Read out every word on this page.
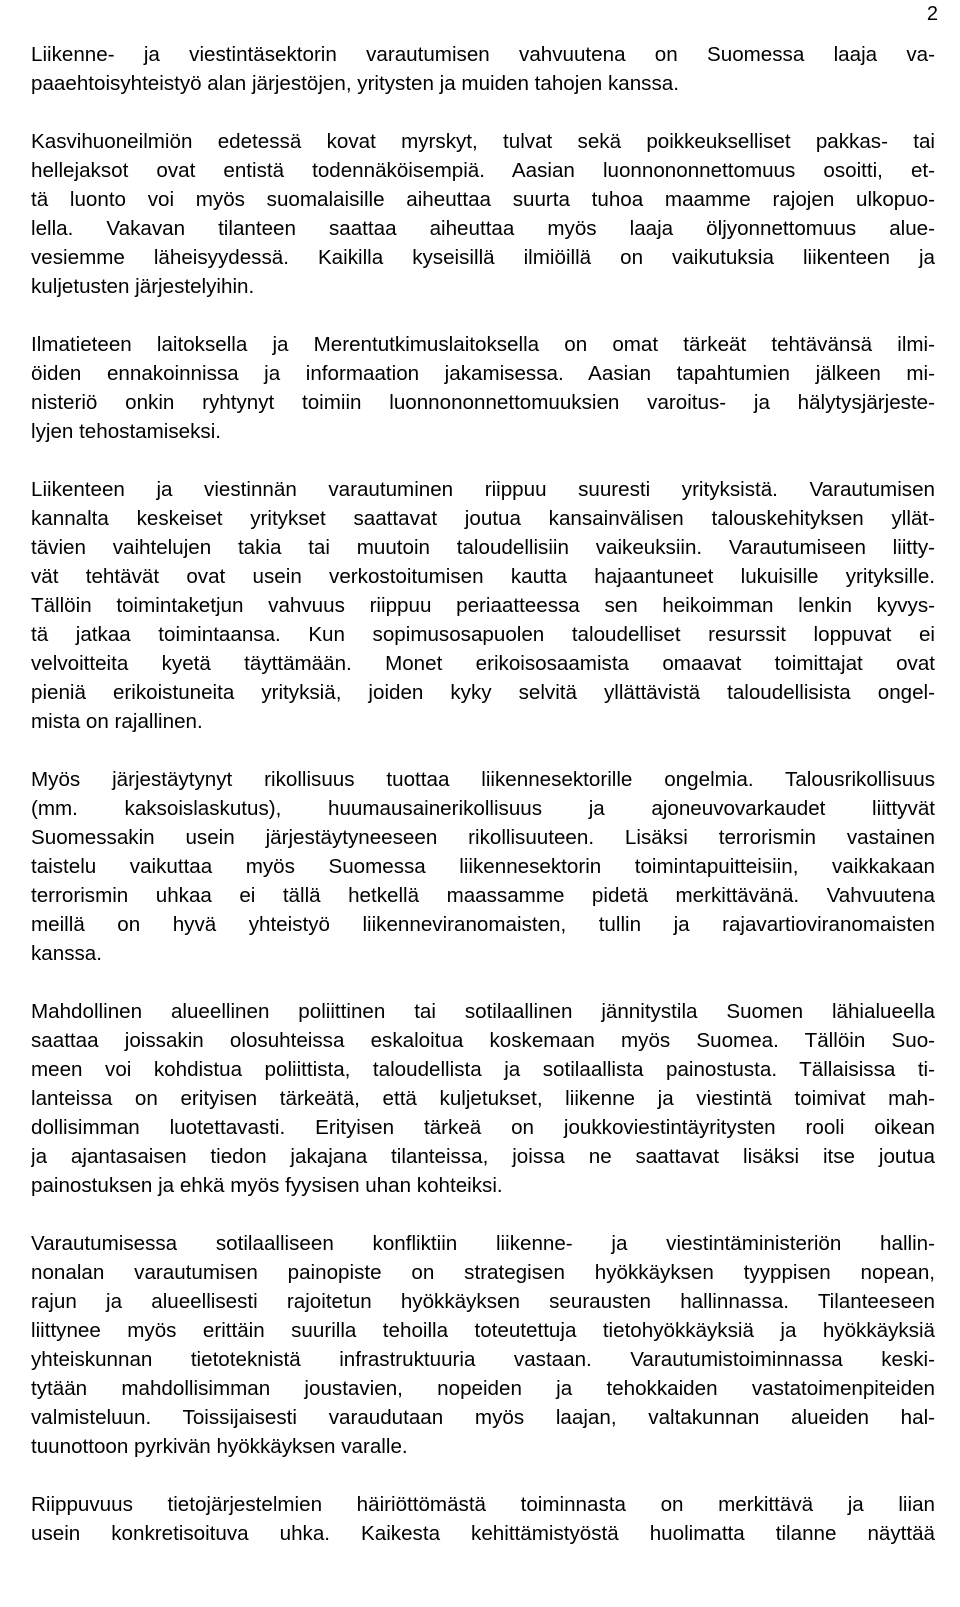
2
Liikenne- ja viestintäsektorin varautumisen vahvuutena on Suomessa laaja va-
paaehtoisyhteistyö alan järjestöjen, yritysten ja muiden tahojen kanssa.
Kasvihuoneilmiön edetessä kovat myrskyt, tulvat sekä poikkeukselliset pakkas- tai
hellejaksot ovat entistä todennäköisempiä. Aasian luonnononnettomuus osoitti, et-
tä luonto voi myös suomalaisille aiheuttaa suurta tuhoa maamme rajojen ulkopuo-
lella. Vakavan tilanteen saattaa aiheuttaa myös laaja öljyonnettomuus alue-
vesiemme läheisyydessä. Kaikilla kyseisillä ilmiöillä on vaikutuksia liikenteen ja
kuljetusten järjestelyihin.
Ilmatieteen laitoksella ja Merentutkimuslaitoksella on omat tärkeät tehtävänsä ilmi-
öiden ennakoinnissa ja informaation jakamisessa. Aasian tapahtumien jälkeen mi-
nisteriö onkin ryhtynyt toimiin luonnononnettomuuksien varoitus- ja hälytysjärjeste-
lyjen tehostamiseksi.
Liikenteen ja viestinnän varautuminen riippuu suuresti yrityksistä. Varautumisen
kannalta keskeiset yritykset saattavat joutua kansainvälisen talouskehityksen yllät-
tävien vaihtelujen takia tai muutoin taloudellisiin vaikeuksiin. Varautumiseen liitty-
vät tehtävät ovat usein verkostoitumisen kautta hajaantuneet lukuisille yrityksille.
Tällöin toimintaketjun vahvuus riippuu periaatteessa sen heikoimman lenkin kyvys-
tä jatkaa toimintaansa. Kun sopimusosapuolen taloudelliset resurssit loppuvat ei
velvoitteita kyetä täyttämään. Monet erikoisosaamista omaavat toimittajat ovat
pieniä erikoistuneita yrityksiä, joiden kyky selvitä yllättävistä taloudellisista ongel-
mista on rajallinen.
Myös järjestäytynyt rikollisuus tuottaa liikennesektorille ongelmia. Talousrikollisuus
(mm. kaksoislaskutus), huumausainerikollisuus ja ajoneuvovarkaudet liittyvät
Suomessakin usein järjestäytyneeseen rikollisuuteen. Lisäksi terrorismin vastainen
taistelu vaikuttaa myös Suomessa liikennesektorin toimintapuitteisiin, vaikkakaan
terrorismin uhkaa ei tällä hetkellä maassamme pidetä merkittävänä. Vahvuutena
meillä on hyvä yhteistyö liikenneviranomaisten, tullin ja rajavartioviranomaisten
kanssa.
Mahdollinen alueellinen poliittinen tai sotilaallinen jännitystila Suomen lähialueella
saattaa joissakin olosuhteissa eskaloitua koskemaan myös Suomea. Tällöin Suo-
meen voi kohdistua poliittista, taloudellista ja sotilaallista painostusta. Tällaisissa ti-
lanteissa on erityisen tärkeätä, että kuljetukset, liikenne ja viestintä toimivat mah-
dollisimman luotettavasti. Erityisen tärkeä on joukkoviestintäyritysten rooli oikean
ja ajantasaisen tiedon jakajana tilanteissa, joissa ne saattavat lisäksi itse joutua
painostuksen ja ehkä myös fyysisen uhan kohteiksi.
Varautumisessa sotilaalliseen konfliktiin liikenne- ja viestintäministeriön hallin-
nonalan varautumisen painopiste on strategisen hyökkäyksen tyyppisen nopean,
rajun ja alueellisesti rajoitetun hyökkäyksen seurausten hallinnassa. Tilanteeseen
liittynee myös erittäin suurilla tehoilla toteutettuja tietohyökkäyksiä ja hyökkäyksiä
yhteiskunnan tietoteknistä infrastruktuuria vastaan. Varautumistoiminnassa keski-
tytään mahdollisimman joustavien, nopeiden ja tehokkaiden vastatoimenpiteiden
valmisteluun. Toissijaisesti varaudutaan myös laajan, valtakunnan alueiden hal-
tuunottoon pyrkivän hyökkäyksen varalle.
Riippuvuus tietojärjestelmien häiriöttömästä toiminnasta on merkittävä ja liian
usein konkretisoituva uhka. Kaikesta kehittämistyöstä huolimatta tilanne näyttää
